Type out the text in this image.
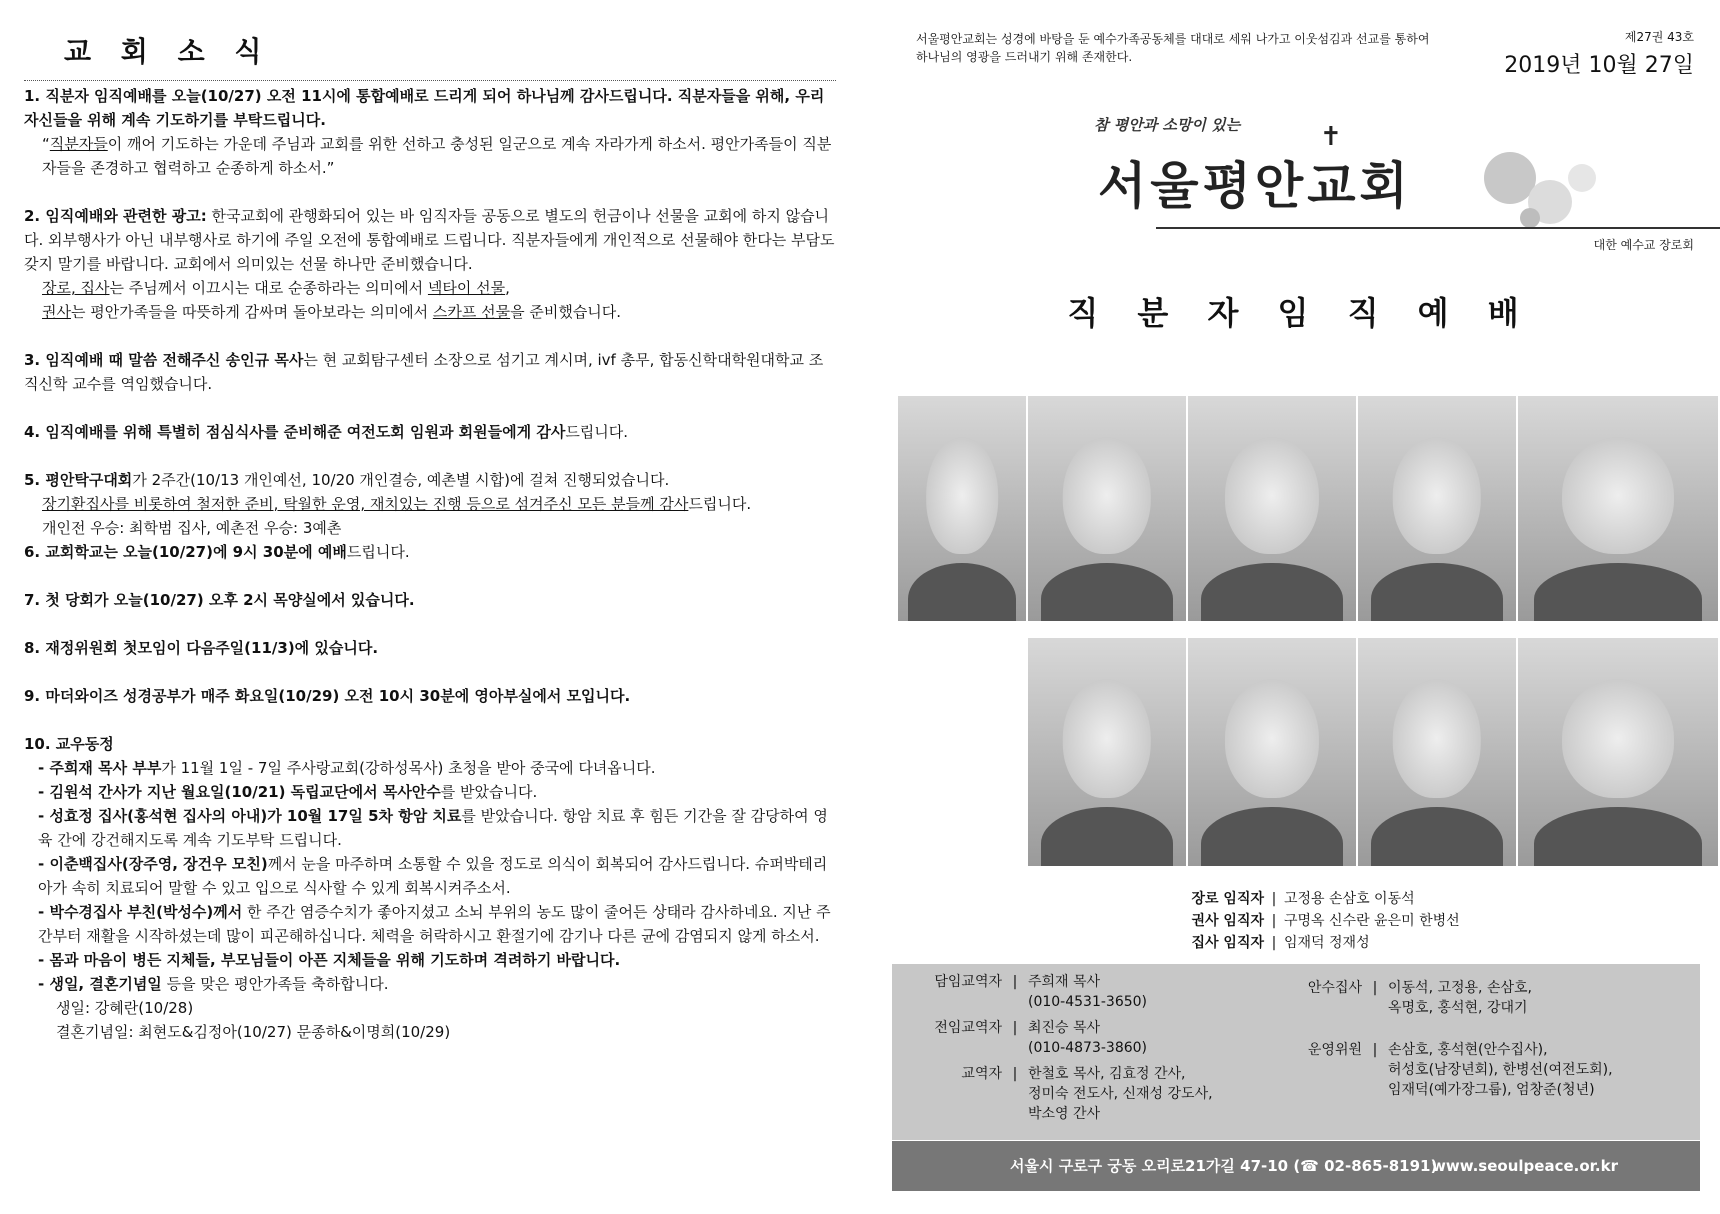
교 회 소 식
1. 직분자 임직예배를 오늘(10/27) 오전 11시에 통합예배로 드리게 되어 하나님께 감사드립니다. 직분자들을 위해, 우리 자신들을 위해 계속 기도하기를 부탁드립니다.
“직분자들이 깨어 기도하는 가운데 주님과 교회를 위한 선하고 충성된 일군으로 계속 자라가게 하소서. 평안가족들이 직분자들을 존경하고 협력하고 순종하게 하소서.”
2. 임직예배와 관련한 광고: 한국교회에 관행화되어 있는 바 임직자들 공동으로 별도의 헌금이나 선물을 교회에 하지 않습니다. 외부행사가 아닌 내부행사로 하기에 주일 오전에 통합예배로 드립니다. 직분자들에게 개인적으로 선물해야 한다는 부담도 갖지 말기를 바랍니다. 교회에서 의미있는 선물 하나만 준비했습니다.
장로, 집사는 주님께서 이끄시는 대로 순종하라는 의미에서 넥타이 선물,
권사는 평안가족들을 따뜻하게 감싸며 돌아보라는 의미에서 스카프 선물을 준비했습니다.
3. 임직예배 때 말씀 전해주신 송인규 목사는 현 교회탐구센터 소장으로 섬기고 계시며, ivf 총무, 합동신학대학원대학교 조직신학 교수를 역임했습니다.
4. 임직예배를 위해 특별히 점심식사를 준비해준 여전도회 임원과 회원들에게 감사드립니다.
5. 평안탁구대회가 2주간(10/13 개인예선, 10/20 개인결승, 예촌별 시합)에 걸쳐 진행되었습니다.
장기환집사를 비롯하여 철저한 준비, 탁월한 운영, 재치있는 진행 등으로 섬겨주신 모든 분들께 감사드립니다.
개인전 우승: 최학범 집사, 예촌전 우승: 3예촌
6. 교회학교는 오늘(10/27)에 9시 30분에 예배드립니다.
7. 첫 당회가 오늘(10/27) 오후 2시 목양실에서 있습니다.
8. 재정위원회 첫모임이 다음주일(11/3)에 있습니다.
9. 마더와이즈 성경공부가 매주 화요일(10/29) 오전 10시 30분에 영아부실에서 모입니다.
10. 교우동정
- 주희재 목사 부부가 11월 1일 - 7일 주사랑교회(강하성목사) 초청을 받아 중국에 다녀옵니다.
- 김원석 간사가 지난 월요일(10/21) 독립교단에서 목사안수를 받았습니다.
- 성효정 집사(홍석현 집사의 아내)가 10월 17일 5차 항암 치료를 받았습니다. 항암 치료 후 힘든 기간을 잘 감당하여 영육 간에 강건해지도록 계속 기도부탁 드립니다.
- 이춘백집사(장주영, 장건우 모친)께서 눈을 마주하며 소통할 수 있을 정도로 의식이 회복되어 감사드립니다. 슈퍼박테리아가 속히 치료되어 말할 수 있고 입으로 식사할 수 있게 회복시켜주소서.
- 박수경집사 부친(박성수)께서 한 주간 염증수치가 좋아지셨고 소뇌 부위의 농도 많이 줄어든 상태라 감사하네요. 지난 주간부터 재활을 시작하셨는데 많이 피곤해하십니다. 체력을 허락하시고 환절기에 감기나 다른 균에 감염되지 않게 하소서.
- 몸과 마음이 병든 지체들, 부모님들이 아픈 지체들을 위해 기도하며 격려하기 바랍니다.
- 생일, 결혼기념일 등을 맞은 평안가족들 축하합니다.
생일: 강혜란(10/28)
결혼기념일: 최현도&김정아(10/27) 문종하&이명희(10/29)
서울평안교회는 성경에 바탕을 둔 예수가족공동체를 대대로 세워 나가고 이웃섬김과 선교를 통하여 하나님의 영광을 드러내기 위해 존재한다.
제27권 43호
2019년 10월 27일
참 평안과 소망이 있는	✝
서울평안교회
대한 예수교 장로회
직 분 자 임 직 예 배
장로 임직자 | 고정용 손삼호 이동석
권사 임직자 | 구명옥 신수란 윤은미 한병선
집사 임직자 | 임재덕 정재성
담임교역자 | 주희재 목사
(010-4531-3650)
전임교역자 | 최진승 목사
(010-4873-3860)
교역자 | 한철호 목사, 김효정 간사,
정미숙 전도사, 신재성 강도사,
박소영 간사
안수집사 | 이동석, 고정용, 손삼호,
옥명호, 홍석현, 강대기
운영위원 | 손삼호, 홍석현(안수집사),
허성호(남장년회), 한병선(여전도회),
임재덕(예가장그룹), 엄창준(청년)
서울시 구로구 궁동 오리로21가길 47-10 (☎ 02-865-8191)
www.seoulpeace.or.kr
